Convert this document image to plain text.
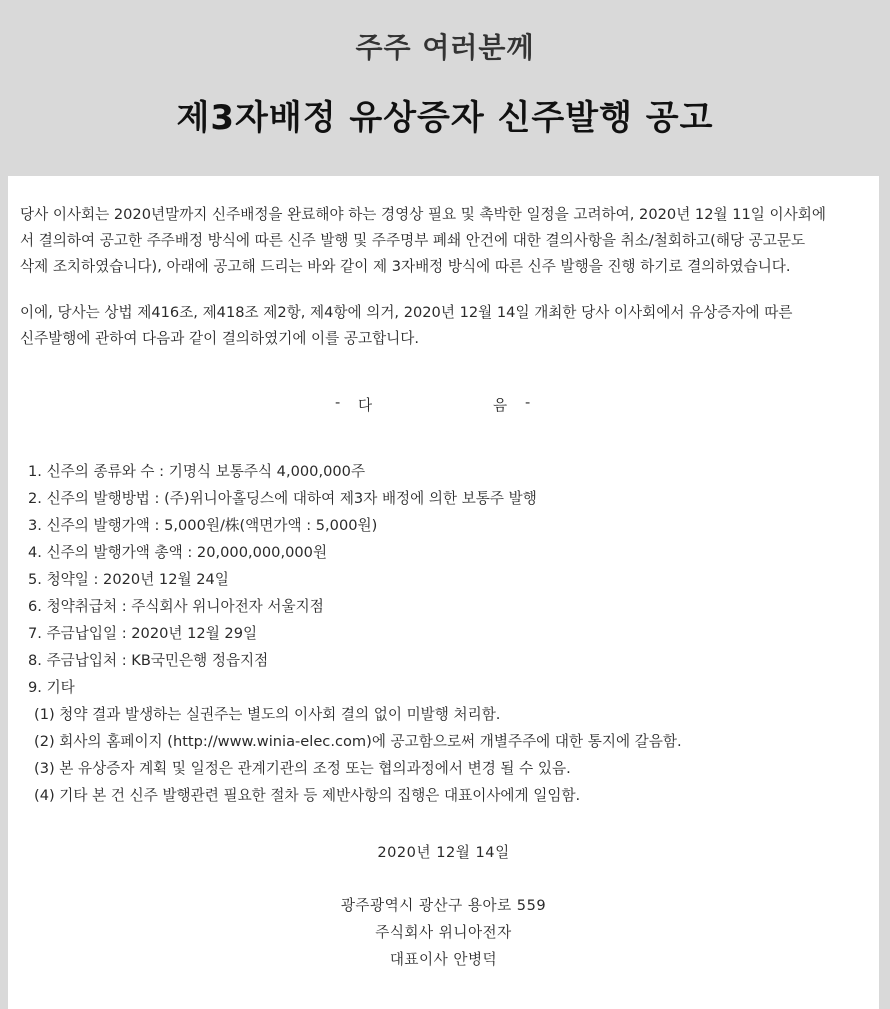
주주 여러분께
제3자배정 유상증자 신주발행 공고

당사 이사회는 2020년말까지 신주배정을 완료해야 하는 경영상 필요 및 촉박한 일정을 고려하여, 2020년 12월 11일 이사회에

서 결의하여 공고한 주주배정 방식에 따른 신주 발행 및 주주명부 폐쇄 안건에 대한 결의사항을 취소/철회하고(해당 공고문도

삭제 조치하였습니다), 아래에 공고해 드리는 바와 같이 제 3자배정 방식에 따른 신주 발행을 진행 하기로 결의하였습니다.

이에, 당사는 상법 제416조, 제418조 제2항, 제4항에 의거, 2020년 12월 14일 개최한 당사 이사회에서 유상증자에 따른

신주발행에 관하여 다음과 같이 결의하였기에 이를 공고합니다.

- 다	음 -
1. 신주의 종류와 수 : 기명식 보통주식 4,000,000주
2. 신주의 발행방법 : (주)위니아홀딩스에 대하여 제3자 배정에 의한 보통주 발행
3. 신주의 발행가액 : 5,000원/株(액면가액 : 5,000원)
4. 신주의 발행가액 총액 : 20,000,000,000원
5. 청약일 : 2020년 12월 24일
6. 청약취급처 : 주식회사 위니아전자 서울지점
7. 주금납입일 : 2020년 12월 29일
8. 주금납입처 : KB국민은행 정읍지점
9. 기타
(1) 청약 결과 발생하는 실권주는 별도의 이사회 결의 없이 미발행 처리함.
(2) 회사의 홈페이지 (http://www.winia-elec.com)에 공고함으로써 개별주주에 대한 통지에 갈음함.
(3) 본 유상증자 계획 및 일정은 관계기관의 조정 또는 협의과정에서 변경 될 수 있음.
(4) 기타 본 건 신주 발행관련 필요한 절차 등 제반사항의 집행은 대표이사에게 일임함.
2020년 12월 14일
광주광역시 광산구 용아로 559
주식회사 위니아전자
대표이사 안병덕
